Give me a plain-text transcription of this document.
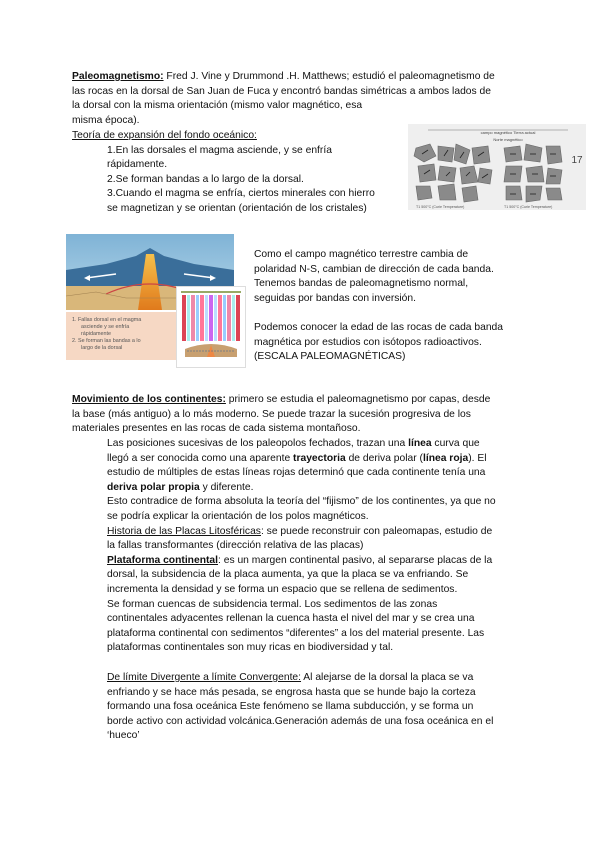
Paleomagnetismo: Fred J. Vine y Drummond .H. Matthews; estudió el paleomagnetismo de

las rocas en la dorsal de San Juan de Fuca y encontró bandas simétricas a ambos lados de

la dorsal con la misma orientación (mismo valor magnético, esa

misma época).

Teoría de expansión del fondo oceánico:

1.En las dorsales el magma asciende, y se enfría

rápidamente.

2.Se forman bandas a lo largo de la dorsal.

3.Cuando el magma se enfría, ciertos minerales con hierro

se magnetizan y se orientan (orientación de los cristales)

campo magnético Tierra actual
Norte magnético
T1 500°C (Curie Temperature)	T1 500°C (Curie Temperature)
17
1. Fallas dorsal en el magma
asciende y se enfría
rápidamente
2. Se forman las bandas a lo
largo de la dorsal

Como el campo magnético terrestre cambia de

polaridad N-S, cambian de dirección de cada banda.

Tenemos bandas de paleomagnetismo normal,

seguidas por bandas con inversión.

Podemos conocer la edad de las rocas de cada banda

magnética por estudios con isótopos radioactivos.

(ESCALA PALEOMAGNÉTICAS)

Movimiento de los continentes: primero se estudia el paleomagnetismo por capas, desde

la base (más antiguo) a lo más moderno. Se puede trazar la sucesión progresiva de los

materiales presentes en las rocas de cada sistema montañoso.

Las posiciones sucesivas de los paleopolos fechados, trazan una línea curva que

llegó a ser conocida como una aparente trayectoria de deriva polar (línea roja). El

estudio de múltiples de estas líneas rojas determinó que cada continente tenía una

deriva polar propia y diferente.

Esto contradice de forma absoluta la teoría del “fijismo” de los continentes, ya que no

se podría explicar la orientación de los polos magnéticos.

Historia de las Placas Litosféricas: se puede reconstruir con paleomapas, estudio de

la fallas transformantes (dirección relativa de las placas)

Plataforma continental: es un margen continental pasivo, al separarse placas de la

dorsal, la subsidencia de la placa aumenta, ya que la placa se va enfriando. Se

incrementa la densidad y se forma un espacio que se rellena de sedimentos.

Se forman cuencas de subsidencia termal. Los sedimentos de las zonas

continentales adyacentes rellenan la cuenca hasta el nivel del mar y se crea una

plataforma continental con sedimentos “diferentes” a los del material presente. Las

plataformas continentales son muy ricas en biodiversidad y tal.

De límite Divergente a límite Convergente: Al alejarse de la dorsal la placa se va

enfriando y se hace más pesada, se engrosa hasta que se hunde bajo la corteza

formando una fosa oceánica Este fenómeno se llama subducción, y se forma un

borde activo con actividad volcánica.Generación además de una fosa oceánica en el

‘hueco’
